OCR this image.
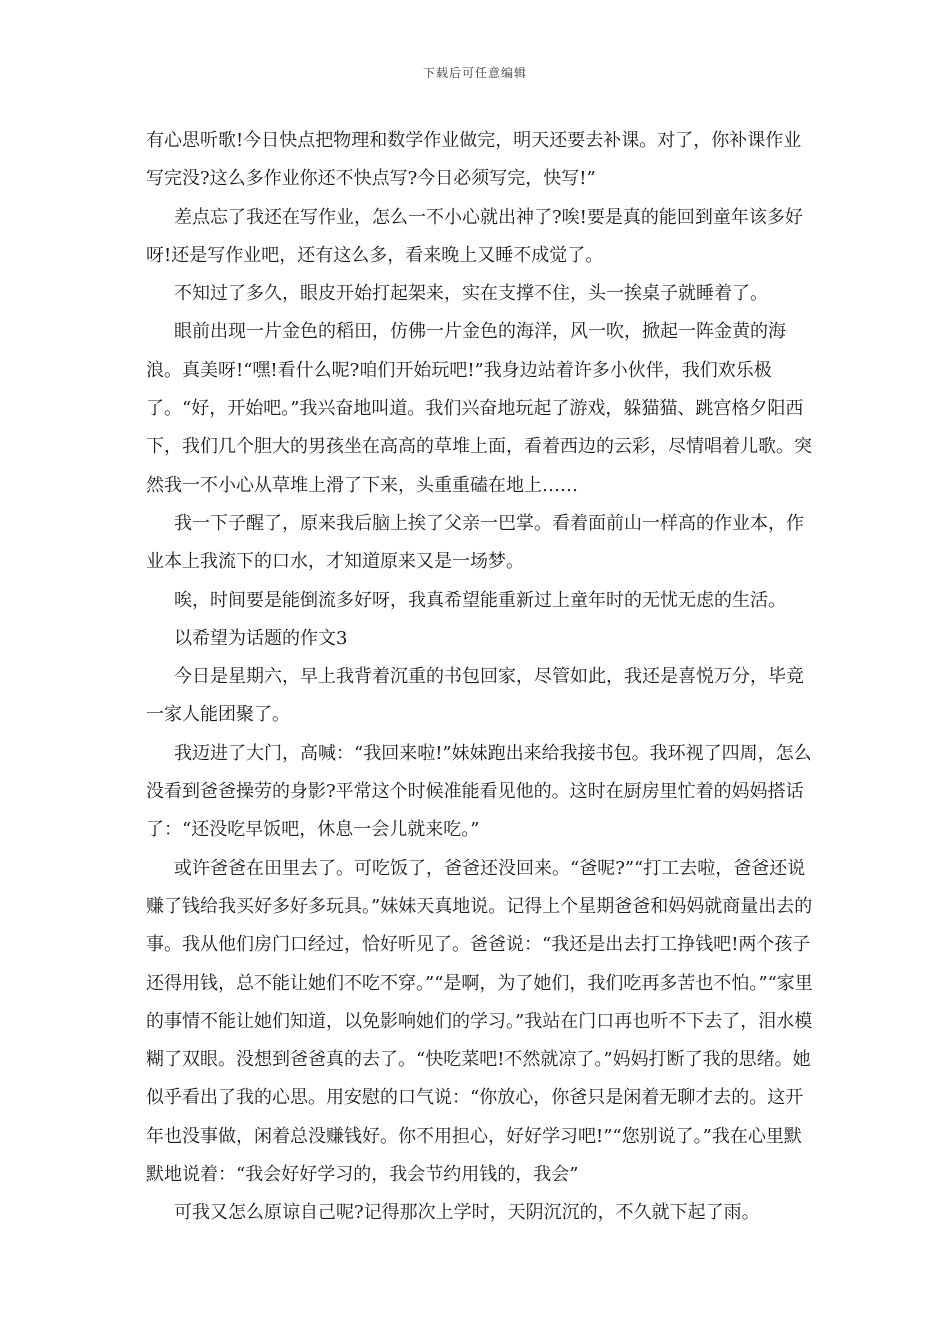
下载后可任意编辑

有心思听歌!今日快点把物理和数学作业做完，明天还要去补课。对了，你补课作业写完没?这么多作业你还不快点写?今日必须写完，快写!”

差点忘了我还在写作业，怎么一不小心就出神了?唉!要是真的能回到童年该多好呀!还是写作业吧，还有这么多，看来晚上又睡不成觉了。

不知过了多久，眼皮开始打起架来，实在支撑不住，头一挨桌子就睡着了。

眼前出现一片金色的稻田，仿佛一片金色的海洋，风一吹，掀起一阵金黄的海浪。真美呀!“嘿!看什么呢?咱们开始玩吧!”我身边站着许多小伙伴，我们欢乐极了。“好，开始吧。”我兴奋地叫道。我们兴奋地玩起了游戏，躲猫猫、跳宫格夕阳西下，我们几个胆大的男孩坐在高高的草堆上面，看着西边的云彩，尽情唱着儿歌。突然我一不小心从草堆上滑了下来，头重重磕在地上……

我一下子醒了，原来我后脑上挨了父亲一巴掌。看着面前山一样高的作业本，作业本上我流下的口水，才知道原来又是一场梦。

唉，时间要是能倒流多好呀，我真希望能重新过上童年时的无忧无虑的生活。

以希望为话题的作文3

今日是星期六，早上我背着沉重的书包回家，尽管如此，我还是喜悦万分，毕竟一家人能团聚了。

我迈进了大门，高喊：“我回来啦!”妹妹跑出来给我接书包。我环视了四周，怎么没看到爸爸操劳的身影?平常这个时候准能看见他的。这时在厨房里忙着的妈妈搭话了：“还没吃早饭吧，休息一会儿就来吃。”

或许爸爸在田里去了。可吃饭了，爸爸还没回来。“爸呢?”“打工去啦，爸爸还说赚了钱给我买好多好多玩具。”妹妹天真地说。记得上个星期爸爸和妈妈就商量出去的事。我从他们房门口经过，恰好听见了。爸爸说：“我还是出去打工挣钱吧!两个孩子还得用钱，总不能让她们不吃不穿。”“是啊，为了她们，我们吃再多苦也不怕。”“家里的事情不能让她们知道，以免影响她们的学习。”我站在门口再也听不下去了，泪水模糊了双眼。没想到爸爸真的去了。“快吃菜吧!不然就凉了。”妈妈打断了我的思绪。她似乎看出了我的心思。用安慰的口气说：“你放心，你爸只是闲着无聊才去的。这开年也没事做，闲着总没赚钱好。你不用担心，好好学习吧!”“您别说了。”我在心里默默地说着：“我会好好学习的，我会节约用钱的，我会”

可我又怎么原谅自己呢?记得那次上学时，天阴沉沉的，不久就下起了雨。
